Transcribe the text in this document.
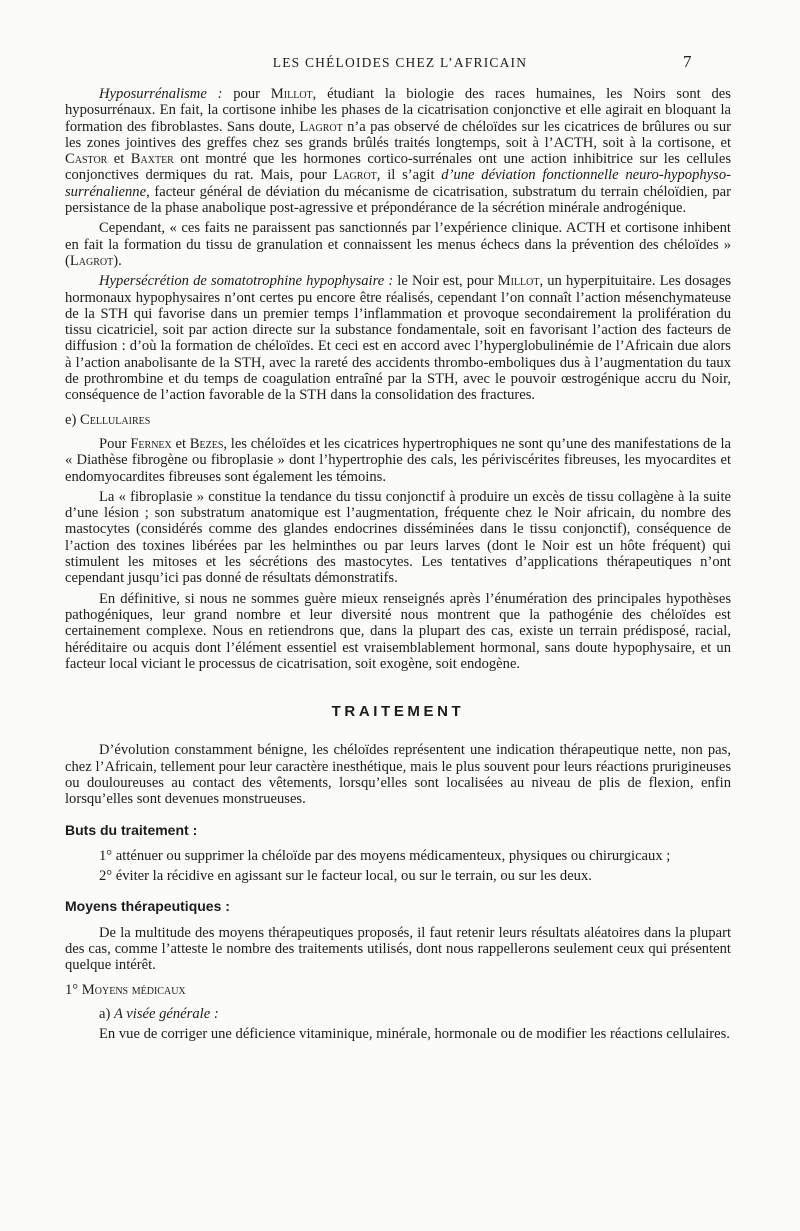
LES CHÉLOIDES CHEZ L’AFRICAIN	7

Hyposurrénalisme : pour Millot, étudiant la biologie des races humaines, les Noirs sont des hyposurrénaux. En fait, la cortisone inhibe les phases de la cicatrisation conjonctive et elle agirait en bloquant la formation des fibroblastes. Sans doute, Lagrot n’a pas observé de chéloïdes sur les cicatrices de brûlures ou sur les zones jointives des greffes chez ses grands brûlés traités longtemps, soit à l’ACTH, soit à la cortisone, et Castor et Baxter ont montré que les hormones cortico-surrénales ont une action inhibitrice sur les cellules conjonctives dermiques du rat. Mais, pour Lagrot, il s’agit d’une déviation fonctionnelle neuro-hypophyso-surrénalienne, facteur général de déviation du mécanisme de cicatrisation, substratum du terrain chéloïdien, par persistance de la phase anabolique post-agressive et prépondérance de la sécrétion minérale androgénique.

Cependant, « ces faits ne paraissent pas sanctionnés par l’expérience clinique. ACTH et cortisone inhibent en fait la formation du tissu de granulation et connaissent les menus échecs dans la prévention des chéloïdes » (Lagrot).

Hypersécrétion de somatotrophine hypophysaire : le Noir est, pour Millot, un hyperpituitaire. Les dosages hormonaux hypophysaires n’ont certes pu encore être réalisés, cependant l’on connaît l’action mésenchymateuse de la STH qui favorise dans un premier temps l’inflammation et provoque secondairement la prolifération du tissu cicatriciel, soit par action directe sur la substance fondamentale, soit en favorisant l’action des facteurs de diffusion : d’où la formation de chéloïdes. Et ceci est en accord avec l’hyperglobulinémie de l’Africain due alors à l’action anabolisante de la STH, avec la rareté des accidents thrombo-emboliques dus à l’augmentation du taux de prothrombine et du temps de coagulation entraîné par la STH, avec le pouvoir œstrogénique accru du Noir, conséquence de l’action favorable de la STH dans la consolidation des fractures.

e) Cellulaires

Pour Fernex et Bezes, les chéloïdes et les cicatrices hypertrophiques ne sont qu’une des manifestations de la « Diathèse fibrogène ou fibroplasie » dont l’hypertrophie des cals, les périviscérites fibreuses, les myocardites et endomyocardites fibreuses sont également les témoins.

La « fibroplasie » constitue la tendance du tissu conjonctif à produire un excès de tissu collagène à la suite d’une lésion ; son substratum anatomique est l’augmentation, fréquente chez le Noir africain, du nombre des mastocytes (considérés comme des glandes endocrines disséminées dans le tissu conjonctif), conséquence de l’action des toxines libérées par les helminthes ou par leurs larves (dont le Noir est un hôte fréquent) qui stimulent les mitoses et les sécrétions des mastocytes. Les tentatives d’applications thérapeutiques n’ont cependant jusqu’ici pas donné de résultats démonstratifs.

En définitive, si nous ne sommes guère mieux renseignés après l’énumération des principales hypothèses pathogéniques, leur grand nombre et leur diversité nous montrent que la pathogénie des chéloïdes est certainement complexe. Nous en retiendrons que, dans la plupart des cas, existe un terrain prédisposé, racial, héréditaire ou acquis dont l’élément essentiel est vraisemblablement hormonal, sans doute hypophysaire, et un facteur local viciant le processus de cicatrisation, soit exogène, soit endogène.

TRAITEMENT

D’évolution constamment bénigne, les chéloïdes représentent une indication thérapeutique nette, non pas, chez l’Africain, tellement pour leur caractère inesthétique, mais le plus souvent pour leurs réactions prurigineuses ou douloureuses au contact des vêtements, lorsqu’elles sont localisées au niveau de plis de flexion, enfin lorsqu’elles sont devenues monstrueuses.

Buts du traitement :

1° atténuer ou supprimer la chéloïde par des moyens médicamenteux, physiques ou chirurgicaux ;

2° éviter la récidive en agissant sur le facteur local, ou sur le terrain, ou sur les deux.

Moyens thérapeutiques :

De la multitude des moyens thérapeutiques proposés, il faut retenir leurs résultats aléatoires dans la plupart des cas, comme l’atteste le nombre des traitements utilisés, dont nous rappellerons seulement ceux qui présentent quelque intérêt.

1° Moyens médicaux

a) A visée générale :

En vue de corriger une déficience vitaminique, minérale, hormonale ou de modifier les réactions cellulaires.
